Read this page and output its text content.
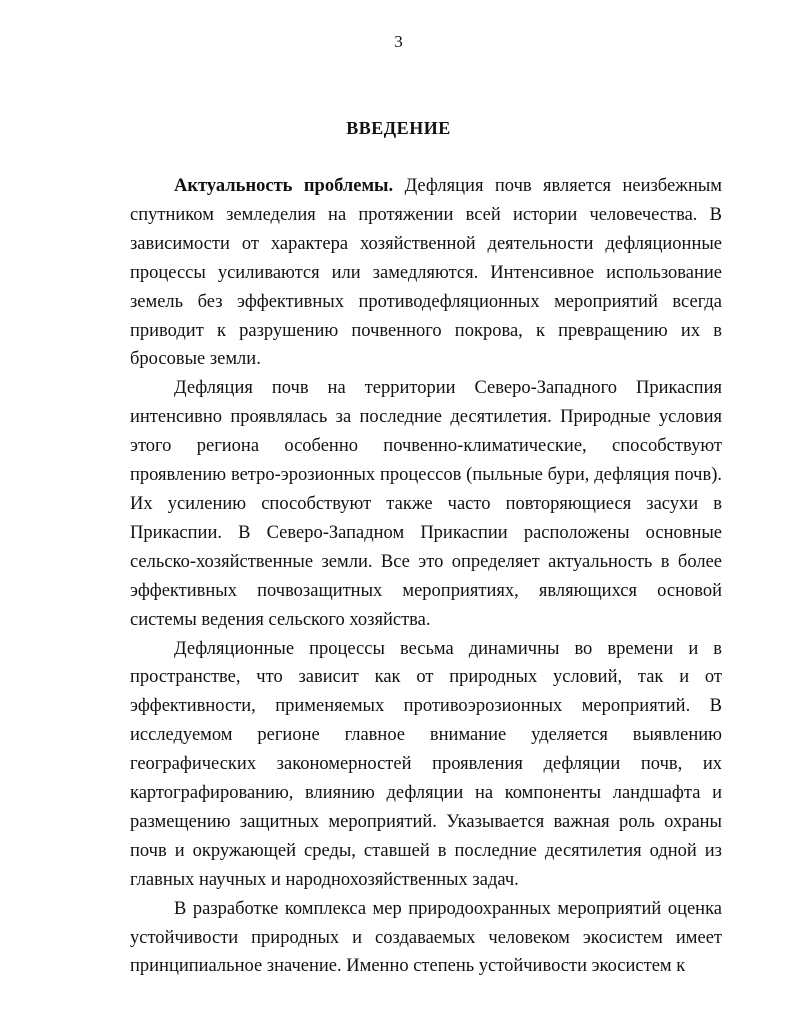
3
ВВЕДЕНИЕ

Актуальность проблемы. Дефляция почв является неизбежным спутником земледелия на протяжении всей истории человечества. В зависимости от характера хозяйственной деятельности дефляционные процессы усиливаются или замедляются. Интенсивное использование земель без эффективных противодефляционных мероприятий всегда приводит к разрушению почвенного покрова, к превращению их в бросовые земли.

Дефляция почв на территории Северо-Западного Прикаспия интенсивно проявлялась за последние десятилетия. Природные условия этого региона особенно почвенно-климатические, способствуют проявлению ветро-эрозионных процессов (пыльные бури, дефляция почв). Их усилению способствуют также часто повторяющиеся засухи в Прикаспии. В Северо-Западном Прикаспии расположены основные сельско-хозяйственные земли. Все это определяет актуальность в более эффективных почвозащитных мероприятиях, являющихся основой системы ведения сельского хозяйства.

Дефляционные процессы весьма динамичны во времени и в пространстве, что зависит как от природных условий, так и от эффективности, применяемых противоэрозионных мероприятий. В исследуемом регионе главное внимание уделяется выявлению географических закономерностей проявления дефляции почв, их картографированию, влиянию дефляции на компоненты ландшафта и размещению защитных мероприятий. Указывается важная роль охраны почв и окружающей среды, ставшей в последние десятилетия одной из главных научных и народнохозяйственных задач.

В разработке комплекса мер природоохранных мероприятий оценка устойчивости природных и создаваемых человеком экосистем имеет принципиальное значение. Именно степень устойчивости экосистем к
